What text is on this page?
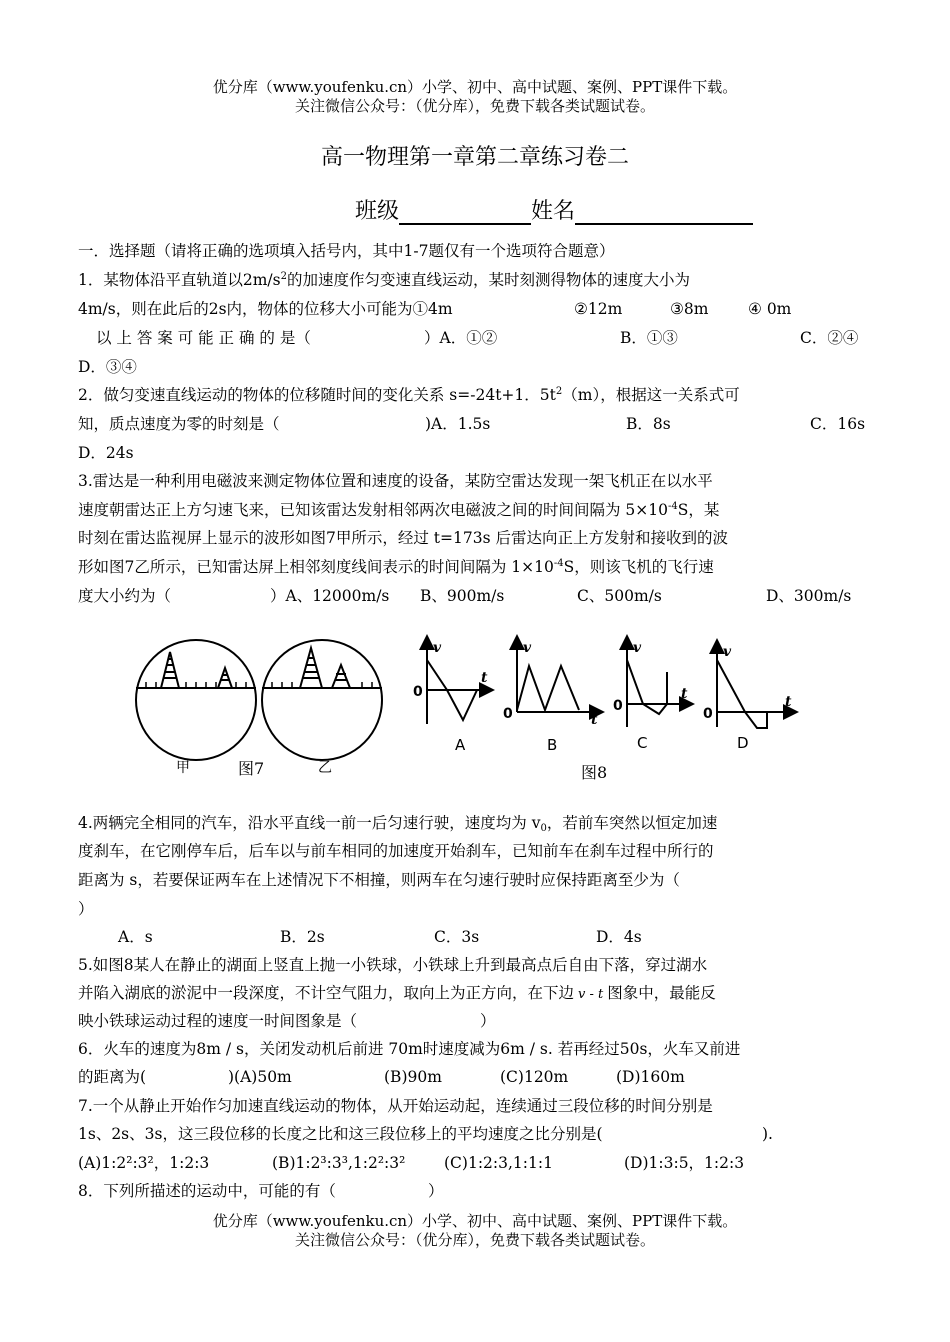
优分库（www.youfenku.cn）小学、初中、高中试题、案例、PPT课件下载。
关注微信公众号：（优分库），免费下载各类试题试卷。
高一物理第一章第二章练习卷二
班级	姓名
一．选择题（请将正确的选项填入括号内，其中1-7题仅有一个选项符合题意）
1．某物体沿平直轨道以$2m/s^2$的加速度作匀变速直线运动，某时刻测得物体的速度大小为
4m/s，则在此后的2s内，物体的位移大小可能为①4m	②12m	③8m	④ 0m
以 上 答 案 可 能 正 确 的 是（	）A．①②	B．①③	C．②④
D．③④
2．做匀变速直线运动的物体的位移随时间的变化关系 s=-24t+1．$5t^2(m)$，根据这一关系式可
知，质点速度为零的时刻是（	)A．1.5s	B．8s	C．16s
D．24s
3.雷达是一种利用电磁波来测定物体位置和速度的设备，某防空雷达发现一架飞机正在以水平
速度朝雷达正上方匀速飞来，已知该雷达发射相邻两次电磁波之间的时间间隔为 $5\times 10^{-4}S$，某
时刻在雷达监视屏上显示的波形如图7甲所示，经过 t=173s 后雷达向正上方发射和接收到的波
形如图7乙所示，已知雷达屏上相邻刻度线间表示的时间间隔为 $1\times 10^{-4}S$，则该飞机的飞行速
度大小约为（	）A、12000m/s B、900m/s	C、500m/s	D、300m/s
甲	图7	乙
v
t
v
t
v
t
v
t
0
0	0	0
A	B	C	D
图8
4.两辆完全相同的汽车，沿水平直线一前一后匀速行驶，速度均为 $v_0$，若前车突然以恒定加速
度刹车，在它刚停车后，后车以与前车相同的加速度开始刹车，已知前车在刹车过程中所行的
距离为 s，若要保证两车在上述情况下不相撞，则两车在匀速行驶时应保持距离至少为（
）
A．s	B．2s	C．3s	D．4s
5.如图8某人在静止的湖面上竖直上抛一小铁球，小铁球上升到最高点后自由下落，穿过湖水
并陷入湖底的淤泥中一段深度，不计空气阻力，取向上为正方向，在下边 v - t 图象中，最能反
映小铁球运动过程的速度一时间图象是（	）
6．火车的速度为8m / s，关闭发动机后前进 70m时速度减为6m / s. 若再经过50s，火车又前进
的距离为(	)(A)50m	(B)90m	(C)120m	(D)160m
7.一个从静止开始作匀加速直线运动的物体，从开始运动起，连续通过三段位移的时间分别是
1s、2s、3s，这三段位移的长度之比和这三段位移上的平均速度之比分别是(	).
(A)1:2²:3²，1:2:3	(B)1:2³:3³,1:2²:3² (C)1:2:3,1:1:1	(D)1:3:5，1:2:3
8．下列所描述的运动中，可能的有（	）
优分库（www.youfenku.cn）小学、初中、高中试题、案例、PPT课件下载。
关注微信公众号：（优分库），免费下载各类试题试卷。
